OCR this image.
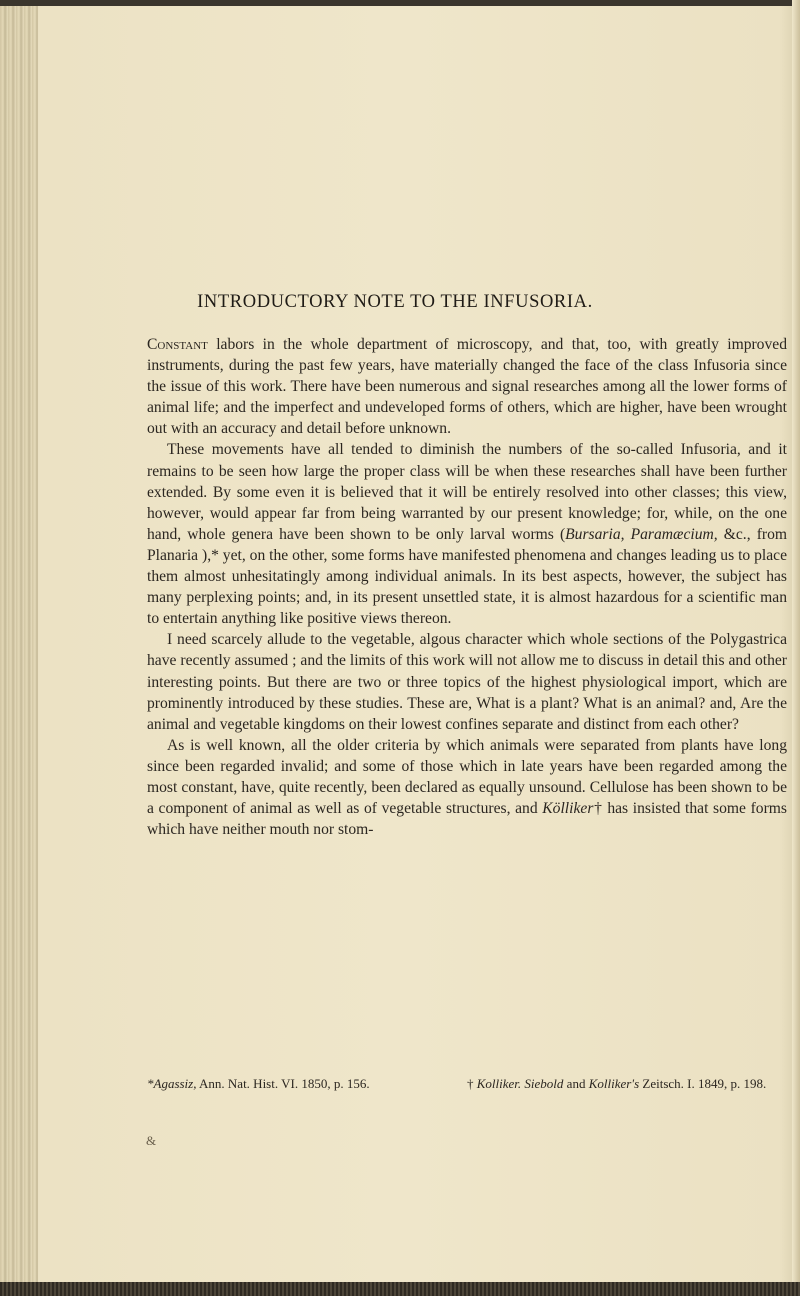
INTRODUCTORY NOTE TO THE INFUSORIA.

Constant labors in the whole department of microscopy, and that, too, with greatly improved instruments, during the past few years, have materially changed the face of the class Infusoria since the issue of this work. There have been numerous and signal researches among all the lower forms of animal life; and the imperfect and undeveloped forms of others, which are higher, have been wrought out with an accuracy and detail before unknown.

These movements have all tended to diminish the numbers of the so-called Infusoria, and it remains to be seen how large the proper class will be when these researches shall have been further extended. By some even it is believed that it will be entirely resolved into other classes; this view, however, would appear far from being warranted by our present knowledge; for, while, on the one hand, whole genera have been shown to be only larval worms (Bursaria, Paramæcium, &c., from Planaria ),* yet, on the other, some forms have manifested phenomena and changes leading us to place them almost unhesitatingly among individual animals. In its best aspects, however, the subject has many perplexing points; and, in its present unsettled state, it is almost hazardous for a scientific man to entertain anything like positive views thereon.

I need scarcely allude to the vegetable, algous character which whole sections of the Polygastrica have recently assumed ; and the limits of this work will not allow me to discuss in detail this and other interesting points. But there are two or three topics of the highest physiological import, which are prominently introduced by these studies. These are, What is a plant? What is an animal? and, Are the animal and vegetable kingdoms on their lowest confines separate and distinct from each other?

As is well known, all the older criteria by which animals were separated from plants have long since been regarded invalid; and some of those which in late years have been regarded among the most constant, have, quite recently, been declared as equally unsound. Cellulose has been shown to be a component of animal as well as of vegetable structures, and Kölliker† has insisted that some forms which have neither mouth nor stom-

*Agassiz, Ann. Nat. Hist. VI. 1850, p. 156.	† Kolliker. Siebold and Kolliker's Zeitsch. I. 1849, p. 198.
&
